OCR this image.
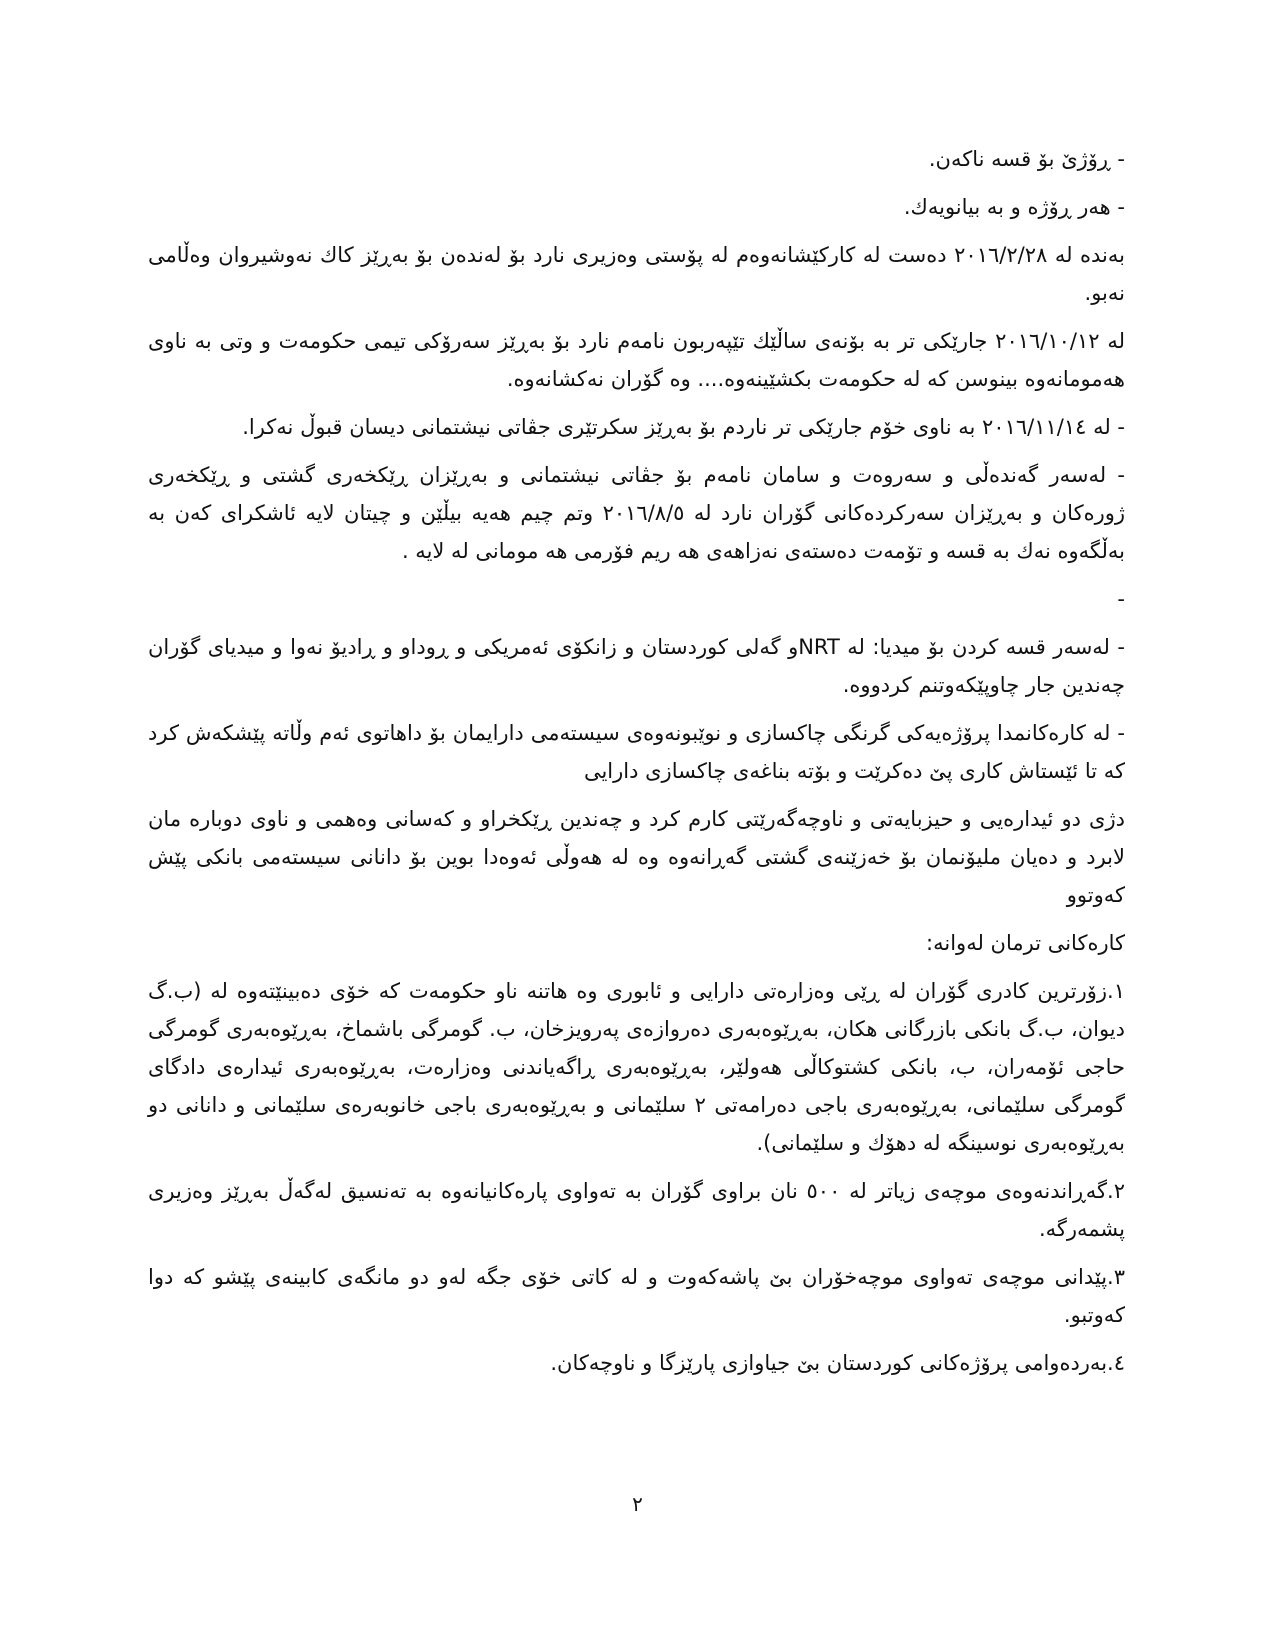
- ڕۆژێ بۆ قسە ناکەن.

- هەر ڕۆژە و بە بیانویەك.

بەندە لە ٢٠١٦/٢/٢٨ دەست لە کارکێشانەوەم لە پۆستی وەزیری نارد بۆ لەندەن بۆ بەڕێز کاك نەوشیروان وەڵامی نەبو.

لە ٢٠١٦/١٠/١٢ جارێکی تر بە بۆنەی ساڵێك تێپەربون نامەم نارد بۆ بەڕێز سەرۆکی تیمی حکومەت و وتی بە ناوی هەمومانەوە بینوسن کە لە حکومەت بکشێینەوە.... وە گۆران نەکشانەوە.

- لە ٢٠١٦/١١/١٤ بە ناوی خۆم جارێکی تر ناردم بۆ بەڕێز سکرتێری جڤاتی نیشتمانی دیسان قبوڵ نەکرا.

- لەسەر گەندەڵی و سەروەت و سامان نامەم بۆ جڤاتی نیشتمانی و بەڕێزان ڕێکخەری گشتی و ڕێکخەری ژورەکان و بەڕێزان سەرکردەکانی گۆران نارد لە ٢٠١٦/٨/٥ وتم چیم هەیە بیڵێن و چیتان لایە ئاشکرای کەن بە بەڵگەوە نەك بە قسە و تۆمەت دەستەی نەزاهەی هە ریم فۆرمی هە مومانی لە لایە .

-

- لەسەر قسە کردن بۆ میدیا: لە NRTو گەلی کوردستان و زانکۆی ئەمریکی و ڕوداو و ڕادیۆ نەوا و میدیای گۆران چەندین جار چاوپێکەوتنم کردووە.

- لە کارەکانمدا پرۆژەیەکی گرنگی چاکسازی و نوێبونەوەی سیستەمی دارایمان بۆ داهاتوی ئەم وڵاتە پێشکەش کرد کە تا ئێستاش کاری پێ دەکرێت و بۆتە بناغەی چاکسازی دارایی

دژی دو ئیدارەیی و حیزبایەتی و ناوچەگەرێتی کارم کرد و چەندین ڕێکخراو و کەسانی وەهمی و ناوی دوبارە مان لابرد و دەیان ملیۆنمان بۆ خەزێنەی گشتی گەڕانەوە وە لە هەوڵی ئەوەدا بوین بۆ دانانی سیستەمی بانکی پێش کەوتوو

کارەکانی ترمان لەوانە:

١.زۆرترین کادری گۆران لە ڕێی وەزارەتی دارایی و ئابوری وە هاتنە ناو حکومەت کە خۆی دەبینێتەوە لە (ب.گ دیوان، ب.گ بانکی بازرگانی هکان، بەڕێوەبەری دەروازەی پەرویزخان، ب. گومرگی باشماخ، بەڕێوەبەری گومرگی حاجی ئۆمەران، ب، بانکی کشتوکاڵی هەولێر، بەڕێوەبەری ڕاگەیاندنی وەزارەت، بەڕێوەبەری ئیدارەی دادگای گومرگی سلێمانی، بەڕێوەبەری باجی دەرامەتی ٢ سلێمانی و بەڕێوەبەری باجی خانوبەرەی سلێمانی و دانانی دو بەڕێوەبەری نوسینگە لە دهۆك و سلێمانی).

٢.گەڕاندنەوەی موچەی زیاتر لە ٥٠٠ نان براوی گۆران بە تەواوی پارەکانیانەوە بە تەنسیق لەگەڵ بەڕێز وەزیری پشمەرگە.

٣.پێدانی موچەی تەواوی موچەخۆران بێ پاشەکەوت و لە کاتی خۆی جگە لەو دو مانگەی کابینەی پێشو کە دوا کەوتبو.

٤.بەردەوامی پرۆژەکانی کوردستان بێ جیاوازی پارێزگا و ناوچەکان.

٢
